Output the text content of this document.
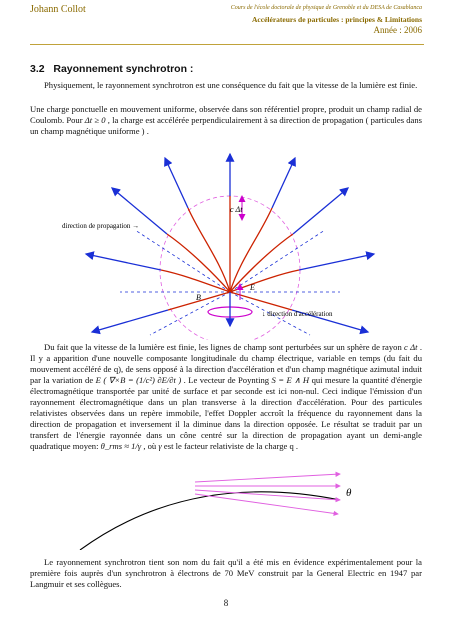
Johann Collot	Cours de l'école doctorale de physique de Grenoble et du DESA de Casablanca
Accélérateurs de particules : principes & Limitations
Année : 2006
3.2 Rayonnement synchrotron :
Physiquement, le rayonnement synchrotron est une conséquence du fait que la vitesse de la lumière est finie.
Une charge ponctuelle en mouvement uniforme, observée dans son référentiel propre, produit un champ radial de Coulomb. Pour Δt ≥ 0 , la charge est accélérée perpendiculairement à sa direction de propagation ( particules dans un champ magnétique uniforme ) .
c Δt
direction de propagation →
B
E
↓ direction d'accélération
Du fait que la vitesse de la lumière est finie, les lignes de champ sont perturbées sur un sphère de rayon c Δt . Il y a apparition d'une nouvelle composante longitudinale du champ électrique, variable en temps (du fait du mouvement accéléré de q), de sens opposé à la direction d'accélération et d'un champ magnétique azimutal induit par la variation de E ( ∇×B = (1/c²) ∂E/∂t ) . Le vecteur de Poynting S = E ∧ H qui mesure la quantité d'énergie électromagnétique transportée par unité de surface et par seconde est ici non-nul. Ceci indique l'émission d'un rayonnement électromagnétique dans un plan transverse à la direction d'accélération. Pour des particules relativistes observées dans un repère immobile, l'effet Doppler accroît la fréquence du rayonnement dans la direction de propagation et inversement il la diminue dans la direction opposée. Le résultat se traduit par un transfert de l'énergie rayonnée dans un cône centré sur la direction de propagation ayant un demi-angle quadratique moyen: θ_rms ≈ 1/γ , où γ est le facteur relativiste de la charge q .
θ
Le rayonnement synchrotron tient son nom du fait qu'il a été mis en évidence expérimentalement pour la première fois auprès d'un synchrotron à électrons de 70 MeV construit par la General Electric en 1947 par Langmuir et ses collègues.
8
